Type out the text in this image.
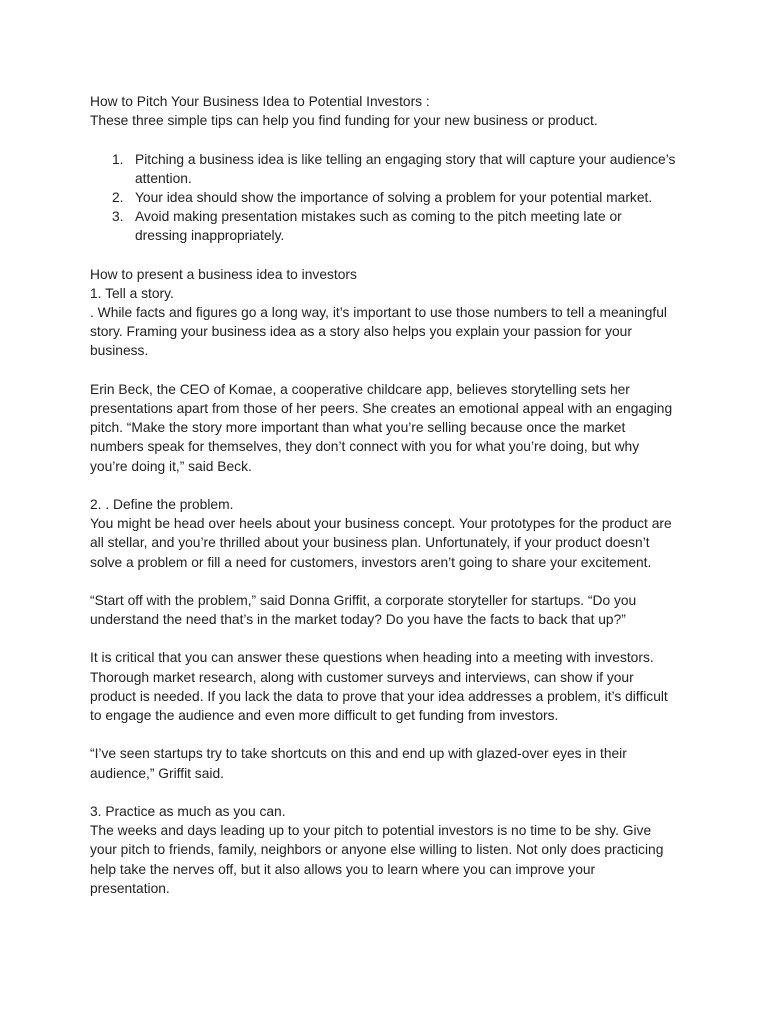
How to Pitch Your Business Idea to Potential Investors :
These three simple tips can help you find funding for your new business or product.
1. Pitching a business idea is like telling an engaging story that will capture your audience’s
attention.
2. Your idea should show the importance of solving a problem for your potential market.
3. Avoid making presentation mistakes such as coming to the pitch meeting late or
dressing inappropriately.
How to present a business idea to investors
1. Tell a story.
. While facts and figures go a long way, it’s important to use those numbers to tell a meaningful
story. Framing your business idea as a story also helps you explain your passion for your
business.
Erin Beck, the CEO of Komae, a cooperative childcare app, believes storytelling sets her
presentations apart from those of her peers. She creates an emotional appeal with an engaging
pitch. “Make the story more important than what you’re selling because once the market
numbers speak for themselves, they don’t connect with you for what you’re doing, but why
you’re doing it,” said Beck.
2. . Define the problem.
You might be head over heels about your business concept. Your prototypes for the product are
all stellar, and you’re thrilled about your business plan. Unfortunately, if your product doesn’t
solve a problem or fill a need for customers, investors aren’t going to share your excitement.
“Start off with the problem,” said Donna Griffit, a corporate storyteller for startups. “Do you
understand the need that’s in the market today? Do you have the facts to back that up?”
It is critical that you can answer these questions when heading into a meeting with investors.
Thorough market research, along with customer surveys and interviews, can show if your
product is needed. If you lack the data to prove that your idea addresses a problem, it’s difficult
to engage the audience and even more difficult to get funding from investors.
“I’ve seen startups try to take shortcuts on this and end up with glazed-over eyes in their
audience,” Griffit said.
3. Practice as much as you can.
The weeks and days leading up to your pitch to potential investors is no time to be shy. Give
your pitch to friends, family, neighbors or anyone else willing to listen. Not only does practicing
help take the nerves off, but it also allows you to learn where you can improve your
presentation.
